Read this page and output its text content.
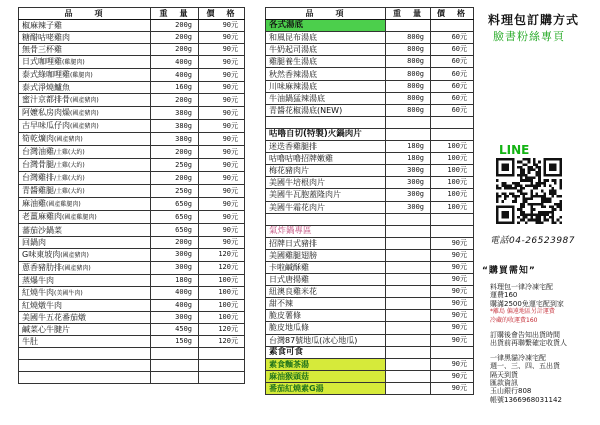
品　　項	重　量	價　格
椒麻辣子雞	200g	90元
糖醋咕咾雞肉	200g	90元
無骨三杯雞	200g	90元
日式咖哩雞(雞腿肉)	400g	90元
泰式綠咖哩雞(雞腿肉)	400g	90元
泰式淨燒鱸魚	160g	90元
蜜汁京都排骨(國產豬肉)	200g	90元
阿嬤私房肉燥(國產豬肉)	380g	90元
古早味瓜仔肉(國產豬肉)	380g	90元
筍乾爌肉(國產豬肉)	380g	90元
台灣油雞/土雞(大約)	200g	90元
台灣骨腿/土雞(大約)	250g	90元
台灣雞排/土雞(大約)	200g	90元
青醬雞腿/土雞(大約)	250g	90元
麻油雞(國產雞腿肉)	650g	90元
老薑麻雞肉(國產雞腿肉)	650g	90元
蕃茄沙鍋菜	650g	90元
回鍋肉	200g	90元
G味東坡肉(國產豬肉)	300g	120元
蔥香豬肋排(國產豬肉)	300g	120元
蒸爆牛肉	180g	100元
紅燒牛肉(美國牛肉)	400g	100元
紅燒燉牛肉	400g	100元
美國牛五花番茄燉	300g	100元
鹹菜心牛腱片	450g	120元
牛肚	150g	120元

品　　項	重　量	價　格
各式湯底		
和風昆布湯底	800g	60元
牛奶起司湯底	800g	60元
雞腿養生湯底	800g	60元
秋然香辣湯底	800g	60元
川味麻辣湯底	800g	60元
牛油鍋猛辣湯底	800g	60元
青醬花椒湯底(NEW)	800g	60元

咕嚕自切(特製)火鍋肉片		
迷迭香雞腿排	180g	100元
咕嚕咕嚕招牌嫩雞	180g	100元
梅花豬肉片	300g	100元
美國牛培根肉片	300g	100元
美國牛瓦胞蓋隆肉片	300g	100元
美國牛霜花肉片	300g	100元

氣炸鍋專區		
招牌日式豬排		90元
美國雞腿翅膀		90元
卡啦鹹酥雞		90元
日式唐揚雞		90元
紐澳良雞米花		90元
甜不辣		90元
脆皮薯條		90元
脆皮地瓜條		90元
台灣87號地瓜(冰心地瓜)		90元
素食可食		
素食麵茶湯		90元
麻油猴頭菇		90元
番茄紅燒素G湯		90元
料理包訂購方式
臉書粉絲專頁
LINE
電話04-26523987
“購買需知”
料理包一律冷凍宅配
運費160
購滿2500免運宅配到家
*離島 偏遠地區另計運費
冷藏的收運費160
訂購後會告知出貨時間
出貨前再聯繫確定收貨人
一律黑貓冷凍宅配
週一、三、四、五出貨
隔天到貨
匯款資訊
玉山銀行808
帳號1366968031142
